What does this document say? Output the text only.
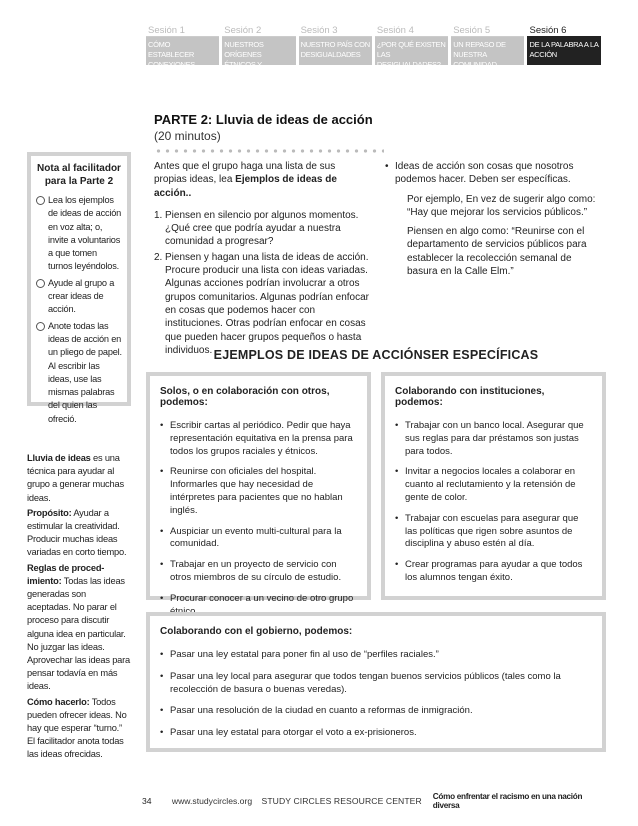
Sesión 1
CÓMO ESTABLECER CONEXIONES
Sesión 2
NUESTROS ORÍGENES ÉTNICOS Y RACIALES
Sesión 3
NUESTRO PAÍS CON DESIGUALDADES
Sesión 4
¿POR QUÉ EXISTEN LAS DESIGUALDADES?
Sesión 5
UN REPASO DE NUESTRA COMUNIDAD
Sesión 6
DE LA PALABRA A LA ACCIÓN
PARTE 2: Lluvia de ideas de acción
(20 minutos)
Nota al facilitador para la Parte 2
Lea los ejemplos de ideas de acción en voz alta; o, invite a voluntarios a que tomen turnos leyéndolos.
Ayude al grupo a crear ideas de acción.
Anote todas las ideas de acción en un pliego de papel. Al escribir las ideas, use las mismas palabras del quien las ofreció.

Lluvia de ideas es una técnica para ayudar al grupo a generar muchas ideas.

Propósito: Ayudar a estimular la creatividad. Producir muchas ideas variadas en corto tiempo.

Reglas de proced-imiento: Todas las ideas generadas son aceptadas. No parar el proceso para discutir alguna idea en particular. No juzgar las ideas. Aprovechar las ideas para pensar todavía en más ideas.

Cómo hacerlo: Todos pueden ofrecer ideas. No hay que esperar “turno.” El facilitador anota todas las ideas ofrecidas.

Antes que el grupo haga una lista de sus propias ideas, lea Ejemplos de ideas de acción..

1. Piensen en silencio por algunos momentos. ¿Qué cree que podría ayudar a nuestra comunidad a progresar?
2. Piensen y hagan una lista de ideas de acción. Procure producir una lista con ideas variadas. Algunas acciones podrían involucrar a otros grupos comunitarios. Algunas podrían enfocar en cosas que podemos hacer con instituciones. Otras podrían enfocar en cosas que pueden hacer grupos pequeños o hasta individuos.
• Ideas de acción son cosas que nosotros podemos hacer. Deben ser específicas.
Por ejemplo, En vez de sugerir algo como: “Hay que mejorar los servicios públicos.”
Piensen en algo como: “Reunirse con el departamento de servicios públicos para establecer la recolección semanal de basura en la Calle Elm.”
EJEMPLOS DE IDEAS DE ACCIÓNSER ESPECÍFICAS
Solos, o en colaboración con otros, podemos:
• Escribir cartas al periódico. Pedir que haya representación equitativa en la prensa para todos los grupos raciales y étnicos.
• Reunirse con oficiales del hospital. Informarles que hay necesidad de intérpretes para pacientes que no hablan inglés.
• Auspiciar un evento multi-cultural para la comunidad.
• Trabajar en un proyecto de servicio con otros miembros de su círculo de estudio.
• Procurar conocer a un vecino de otro grupo
Colaborando con instituciones, podemos:
• Trabajar con un banco local. Asegurar que sus reglas para dar préstamos son justas para todos.
• Invitar a negocios locales a colaborar en cuanto al reclutamiento y la retensión de gente de color.
• Trabajar con escuelas para asegurar que las políticas que rigen sobre asuntos de disciplina y abuso estén al día.
• Crear programas para ayudar a que todos los alumnos tengan éxito.
Colaborando con el gobierno, podemos:
• Pasar una ley estatal para poner fin al uso de “perfiles raciales.”
• Pasar una ley local para asegurar que todos tengan buenos servicios públicos (tales como la recolección de basura o buenas veredas).
• Pasar una resolución de la ciudad en cuanto a reformas de inmigración.
• Pasar una ley estatal para otorgar el voto a ex-prisioneros.
34	www.studycircles.org	STUDY CIRCLES RESOURCE CENTER	Cómo enfrentar el racismo en una nación diversa
